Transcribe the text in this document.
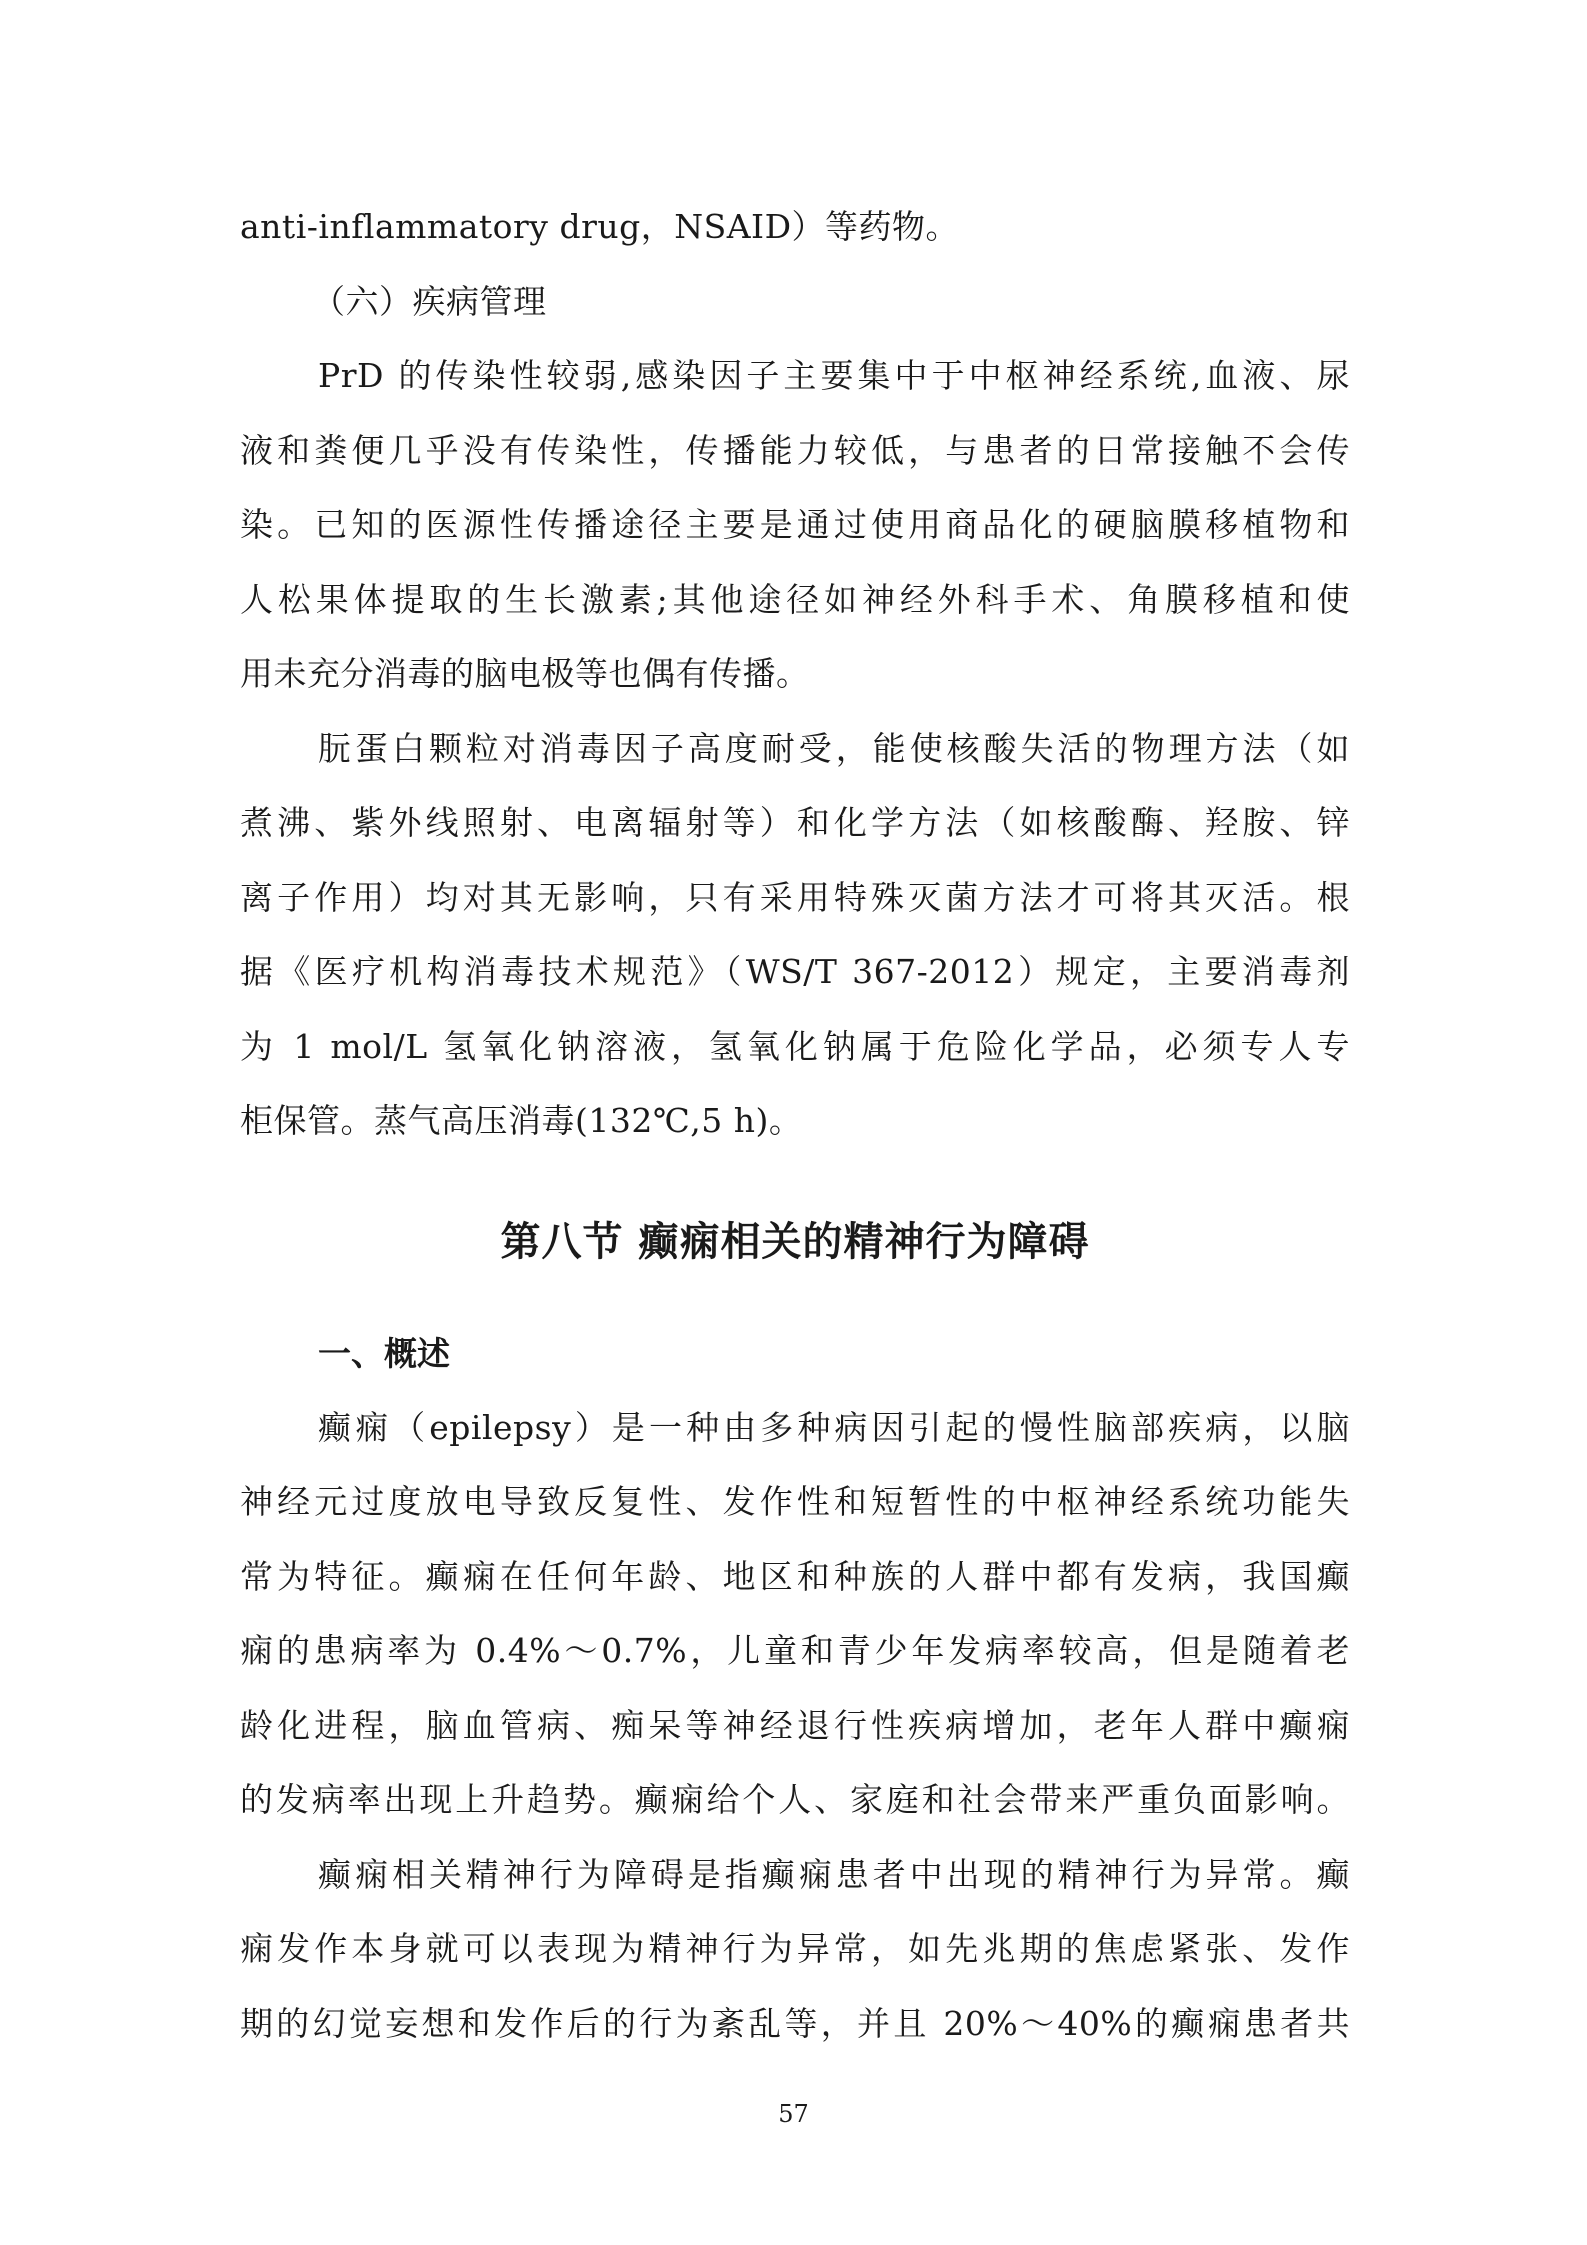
anti-inflammatory drug，NSAID）等药物。
（六）疾病管理
PrD 的传染性较弱,感染因子主要集中于中枢神经系统,血液、尿
液和粪便几乎没有传染性，传播能力较低，与患者的日常接触不会传
染。已知的医源性传播途径主要是通过使用商品化的硬脑膜移植物和
人松果体提取的生长激素;其他途径如神经外科手术、角膜移植和使
用未充分消毒的脑电极等也偶有传播。
朊蛋白颗粒对消毒因子高度耐受，能使核酸失活的物理方法（如
煮沸、紫外线照射、电离辐射等）和化学方法（如核酸酶、羟胺、锌
离子作用）均对其无影响，只有采用特殊灭菌方法才可将其灭活。根
据《医疗机构消毒技术规范》（WS/T 367-2012）规定，主要消毒剂
为 1 mol/L 氢氧化钠溶液，氢氧化钠属于危险化学品，必须专人专
柜保管。蒸气高压消毒(132℃,5 h)。
第八节 癫痫相关的精神行为障碍
一、概述
癫痫（epilepsy）是一种由多种病因引起的慢性脑部疾病，以脑
神经元过度放电导致反复性、发作性和短暂性的中枢神经系统功能失
常为特征。癫痫在任何年龄、地区和种族的人群中都有发病，我国癫
痫的患病率为 0.4%～0.7%，儿童和青少年发病率较高，但是随着老
龄化进程，脑血管病、痴呆等神经退行性疾病增加，老年人群中癫痫
的发病率出现上升趋势。癫痫给个人、家庭和社会带来严重负面影响。
癫痫相关精神行为障碍是指癫痫患者中出现的精神行为异常。癫
痫发作本身就可以表现为精神行为异常，如先兆期的焦虑紧张、发作
期的幻觉妄想和发作后的行为紊乱等，并且 20%～40%的癫痫患者共
57
